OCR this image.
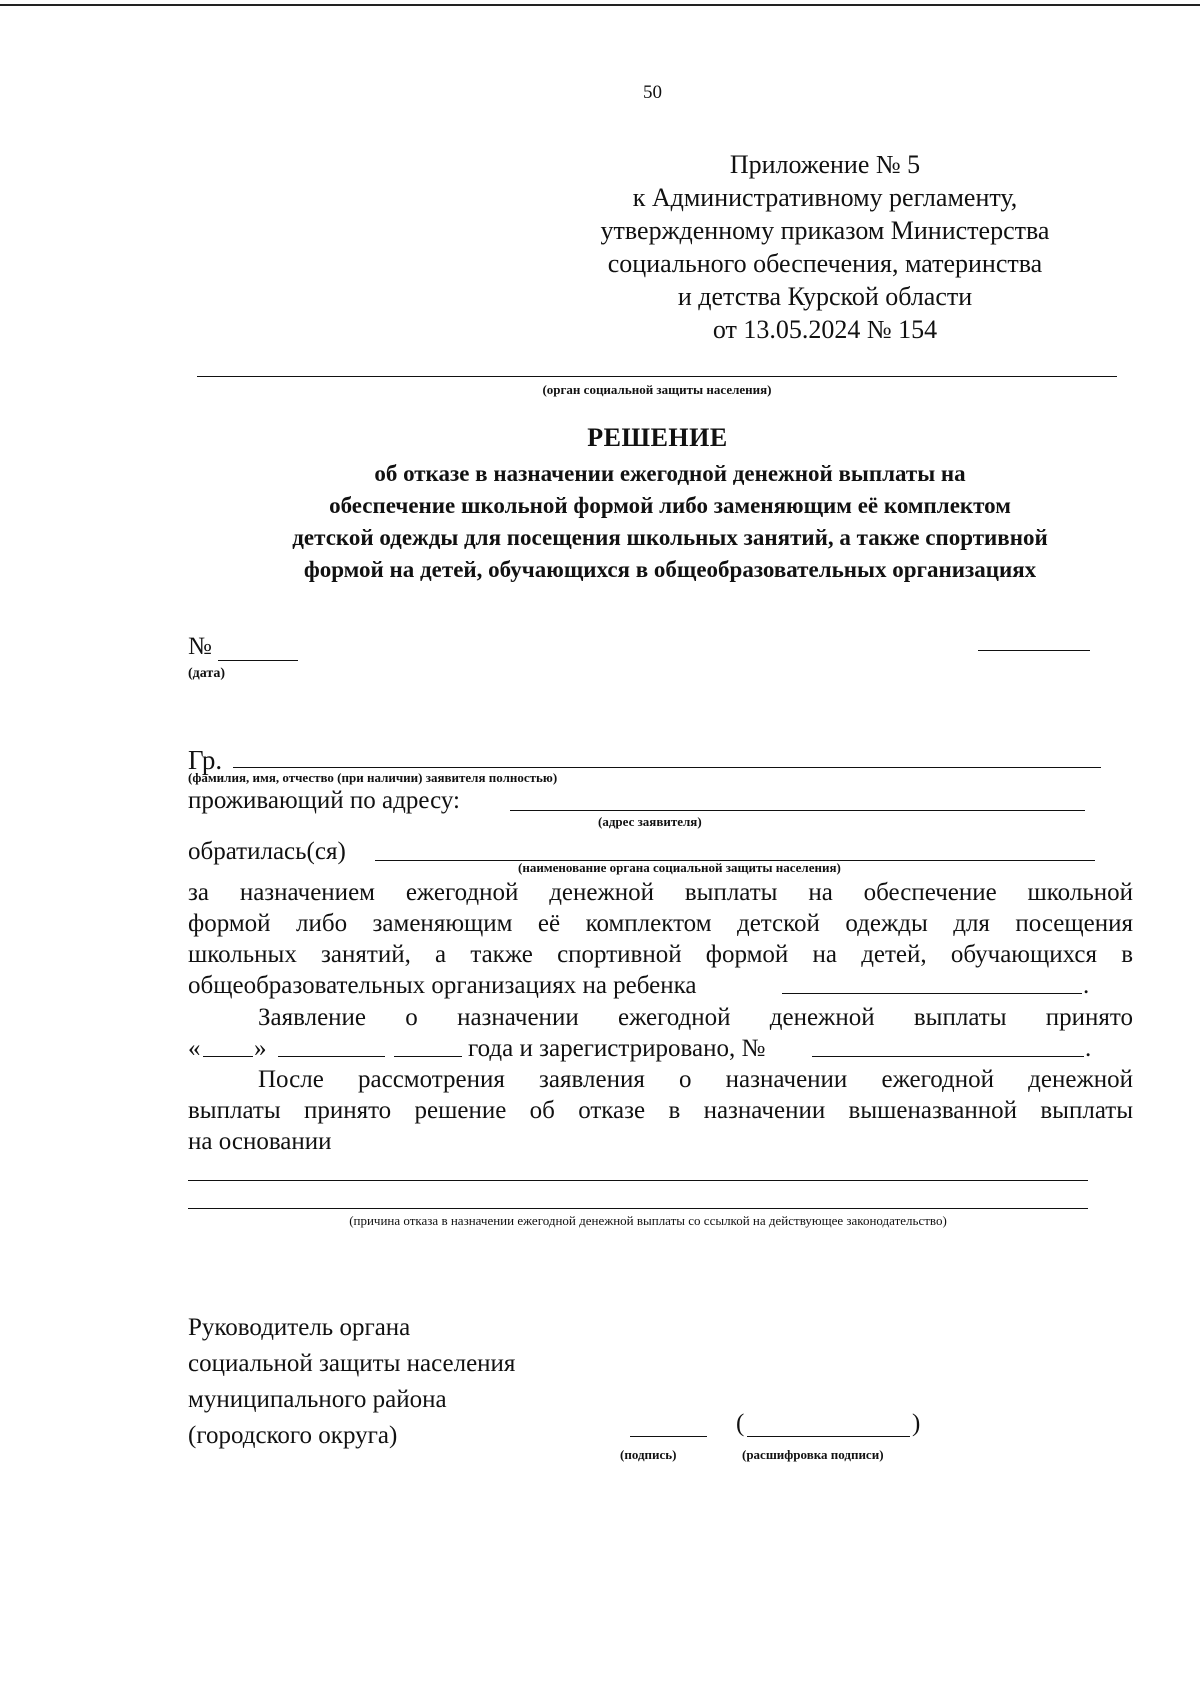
50
Приложение № 5
к Административному регламенту,
утвержденному приказом Министерства
социального обеспечения, материнства
и детства Курской области
от 13.05.2024 № 154
(орган социальной защиты населения)
РЕШЕНИЕ
об отказе в назначении ежегодной денежной выплаты на
обеспечение школьной формой либо заменяющим её комплектом
детской одежды для посещения школьных занятий, а также спортивной
формой на детей, обучающихся в общеобразовательных организациях
№
(дата)
Гр.
(фамилия, имя, отчество (при наличии) заявителя полностью)
проживающий по адресу:
(адрес заявителя)
обратилась(ся)
(наименование органа социальной защиты населения)
за назначением ежегодной денежной выплаты на обеспечение школьной
формой либо заменяющим её комплектом детской одежды для посещения
школьных занятий, а также спортивной формой на детей, обучающихся в
общеобразовательных организациях на ребенка	.
Заявление о назначении ежегодной денежной выплаты принято
« »	года и зарегистрировано, №	.
После рассмотрения заявления о назначении ежегодной денежной
выплаты принято решение об отказе в назначении вышеназванной выплаты
на основании
(причина отказа в назначении ежегодной денежной выплаты со ссылкой на действующее законодательство)
Руководитель органа
социальной защиты населения
муниципального района
(городского округа)
(подпись)
(	)
(расшифровка подписи)
